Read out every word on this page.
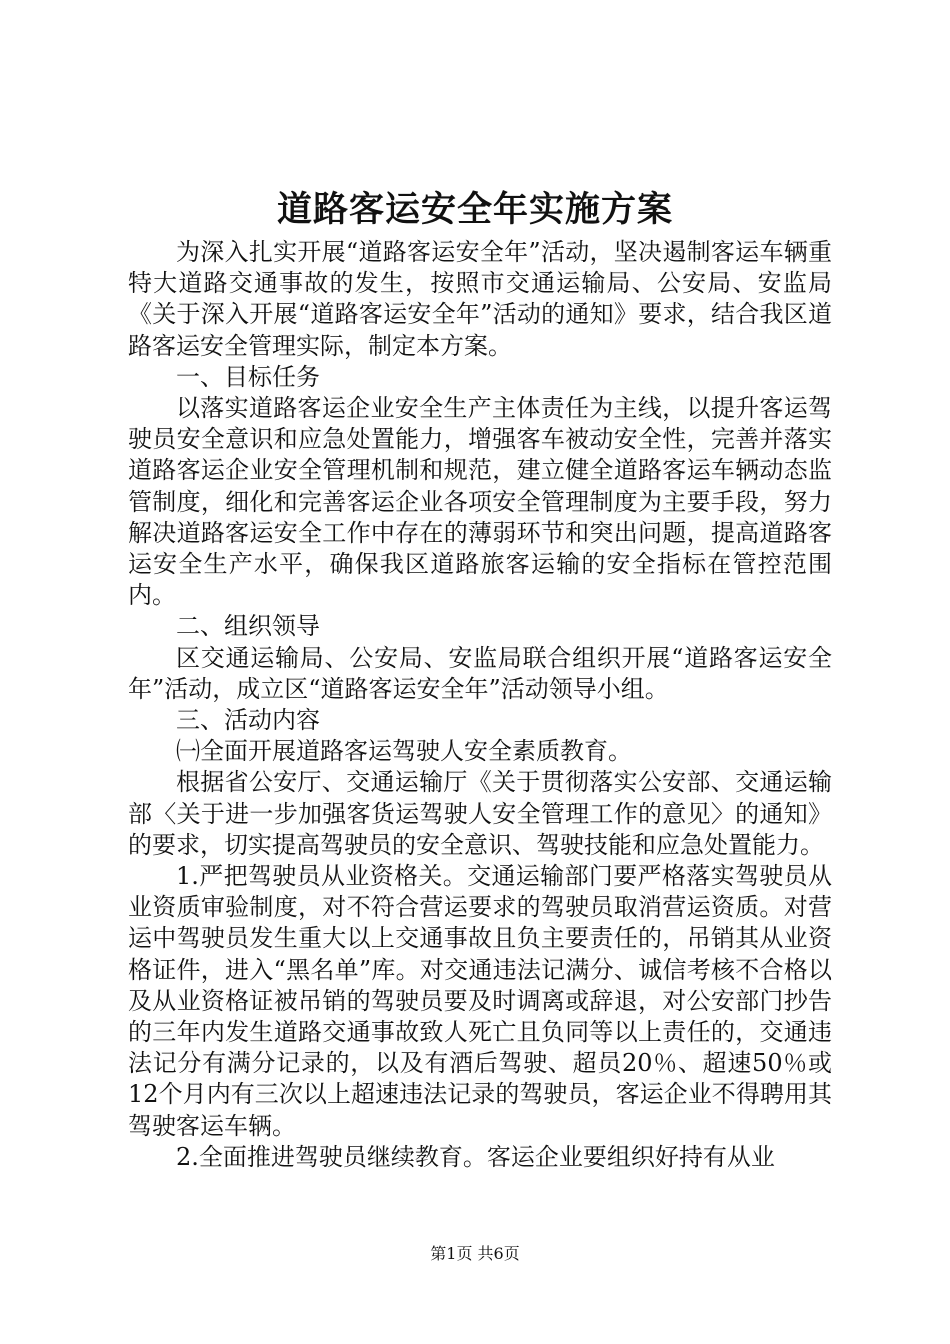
道路客运安全年实施方案

为深入扎实开展“道路客运安全年”活动，坚决遏制客运车辆重特大道路交通事故的发生，按照市交通运输局、公安局、安监局《关于深入开展“道路客运安全年”活动的通知》要求，结合我区道路客运安全管理实际，制定本方案。

一、目标任务

以落实道路客运企业安全生产主体责任为主线，以提升客运驾驶员安全意识和应急处置能力，增强客车被动安全性，完善并落实道路客运企业安全管理机制和规范，建立健全道路客运车辆动态监管制度，细化和完善客运企业各项安全管理制度为主要手段，努力解决道路客运安全工作中存在的薄弱环节和突出问题，提高道路客运安全生产水平，确保我区道路旅客运输的安全指标在管控范围内。

二、组织领导

区交通运输局、公安局、安监局联合组织开展“道路客运安全年”活动，成立区“道路客运安全年”活动领导小组。

三、活动内容

㈠全面开展道路客运驾驶人安全素质教育。

根据省公安厅、交通运输厅《关于贯彻落实公安部、交通运输部〈关于进一步加强客货运驾驶人安全管理工作的意见〉的通知》的要求，切实提高驾驶员的安全意识、驾驶技能和应急处置能力。

1.严把驾驶员从业资格关。交通运输部门要严格落实驾驶员从业资质审验制度，对不符合营运要求的驾驶员取消营运资质。对营运中驾驶员发生重大以上交通事故且负主要责任的，吊销其从业资格证件，进入“黑名单”库。对交通违法记满分、诚信考核不合格以及从业资格证被吊销的驾驶员要及时调离或辞退，对公安部门抄告的三年内发生道路交通事故致人死亡且负同等以上责任的，交通违法记分有满分记录的，以及有酒后驾驶、超员20％、超速50％或12个月内有三次以上超速违法记录的驾驶员，客运企业不得聘用其驾驶客运车辆。

2.全面推进驾驶员继续教育。客运企业要组织好持有从业

第1页 共6页
